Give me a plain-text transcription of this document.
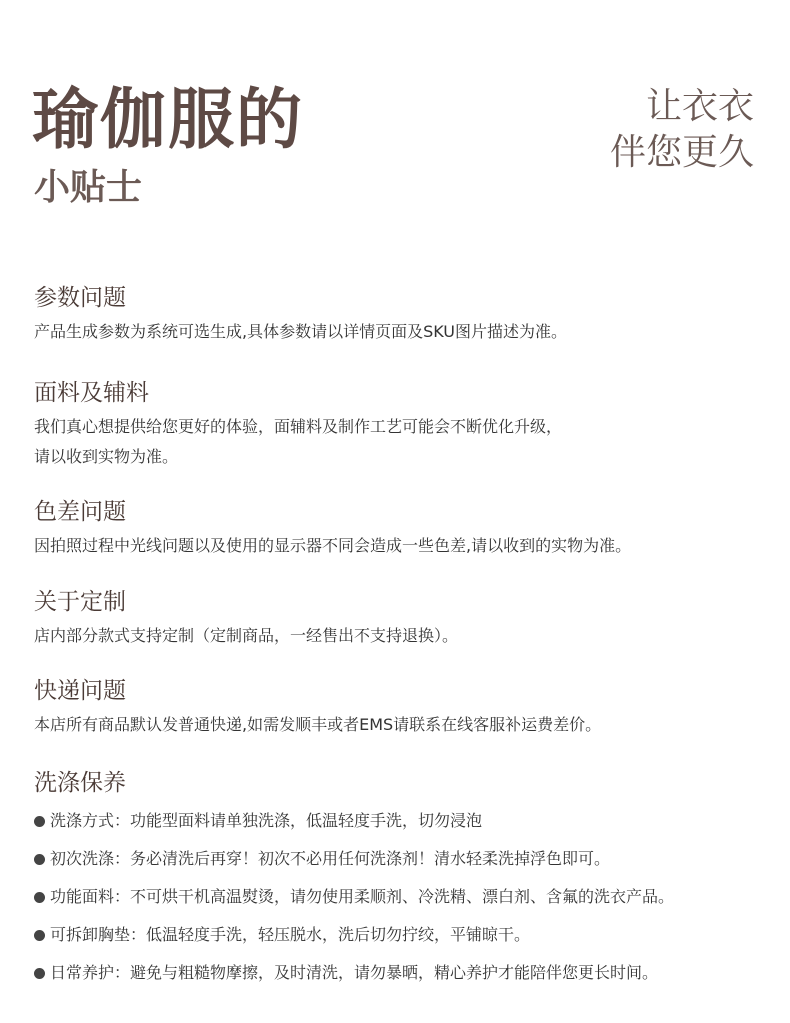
瑜伽服的
小贴士
让衣衣
伴您更久
参数问题

产品生成参数为系统可选生成,具体参数请以详情页面及SKU图片描述为准。

面料及辅料

我们真心想提供给您更好的体验，面辅料及制作工艺可能会不断优化升级，

请以收到实物为准。

色差问题

因拍照过程中光线问题以及使用的显示器不同会造成一些色差,请以收到的实物为准。

关于定制

店内部分款式支持定制（定制商品，一经售出不支持退换）。

快递问题

本店所有商品默认发普通快递,如需发顺丰或者EMS请联系在线客服补运费差价。

洗涤保养
洗涤方式：功能型面料请单独洗涤，低温轻度手洗，切勿浸泡
初次洗涤：务必清洗后再穿！初次不必用任何洗涤剂！清水轻柔洗掉浮色即可。
功能面料：不可烘干机高温熨烫，请勿使用柔顺剂、冷洗精、漂白剂、含氟的洗衣产品。
可拆卸胸垫：低温轻度手洗，轻压脱水，洗后切勿拧绞，平铺晾干。
日常养护：避免与粗糙物摩擦，及时清洗，请勿暴晒，精心养护才能陪伴您更长时间。
